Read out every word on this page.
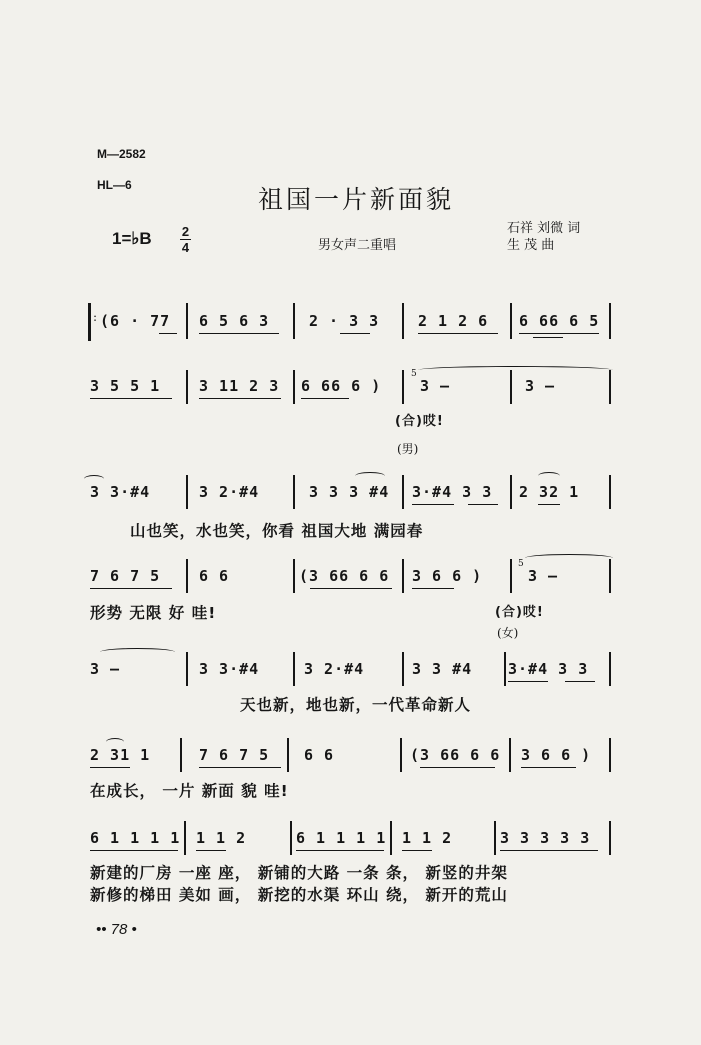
M—2582
HL—6	祖国一片新面貌
1=♭B 2
4	男女声二重唱
石祥 刘微 词
生 茂 曲
: (6 · 77 6 5 6 3	2 · 3 3	2 1 2 6 6 66 6 5
3 5 5 1	3 11 2 3 6 66 6 )
5
3 —	3 —
(合)哎!
(男)
3 3·#4	3 2·#4	3 3 3 #4 3·#4 3 3 2 32 1
山也笑，水也笑，你看 祖国大地 满园春
7 6 7 5	6 6	(3 66 6 6 3 6 6 )
5
3 —
形势 无限 好 哇!	(合)哎!
(女)
3 —	3 3·#4	3 2·#4	3 3 #4 3·#4 3 3
天也新，地也新，一代革命新人
2 31 1	7 6 7 5 6 6	(3 66 6 6 3 6 6 )
在成长， 一片 新面 貌 哇!
6 1 1 1 1 1 1 2	6 1 1 1 1 1 1 2	3 3 3 3 3
新建的厂房 一座 座， 新铺的大路 一条 条， 新竖的井架
新修的梯田 美如 画， 新挖的水渠 环山 绕， 新开的荒山
•• 78 •
